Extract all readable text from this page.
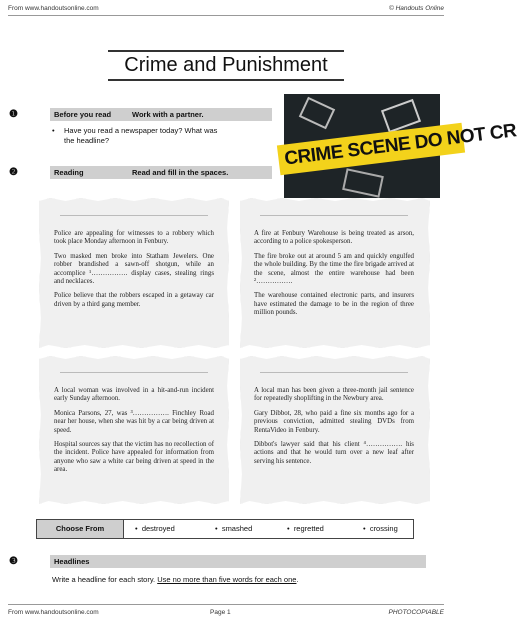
From www.handoutsonline.com	© Handouts Online
Crime and Punishment
❶	Before you read	Work with a partner.
• Have you read a newspaper today? What was
the headline?	CRIME SCENE DO NOT CR
❷	Reading	Read and fill in the spaces.

Police are appealing for witnesses to a robbery which took place Monday afternoon in Fenbury.

Two masked men broke into Statham Jewelers. One robber brandished a sawn-off shotgun, while an accomplice ¹……………. display cases, stealing rings and necklaces.

Police believe that the robbers escaped in a getaway car driven by a third gang member.

A fire at Fenbury Warehouse is being treated as arson, according to a police spokesperson.

The fire broke out at around 5 am and quickly engulfed the whole building. By the time the fire brigade arrived at the scene, almost the entire warehouse had been ²…………….

The warehouse contained electronic parts, and insurers have estimated the damage to be in the region of three million pounds.

A local woman was involved in a hit-and-run incident early Sunday afternoon.

Monica Parsons, 27, was ³……………. Finchley Road near her house, when she was hit by a car being driven at speed.

Hospital sources say that the victim has no recollection of the incident. Police have appealed for information from anyone who saw a white car being driven at speed in the area.

A local man has been given a three-month jail sentence for repeatedly shoplifting in the Newbury area.

Gary Dibbot, 28, who paid a fine six months ago for a previous conviction, admitted stealing DVDs from RentaVideo in Fenbury.

Dibbot's lawyer said that his client ⁴……………. his actions and that he would turn over a new leaf after serving his sentence.

Choose From	• destroyed	• smashed	• regretted	• crossing
❸	Headlines
Write a headline for each story. Use no more than five words for each one.
From www.handoutsonline.com	Page 1	PHOTOCOPIABLE
